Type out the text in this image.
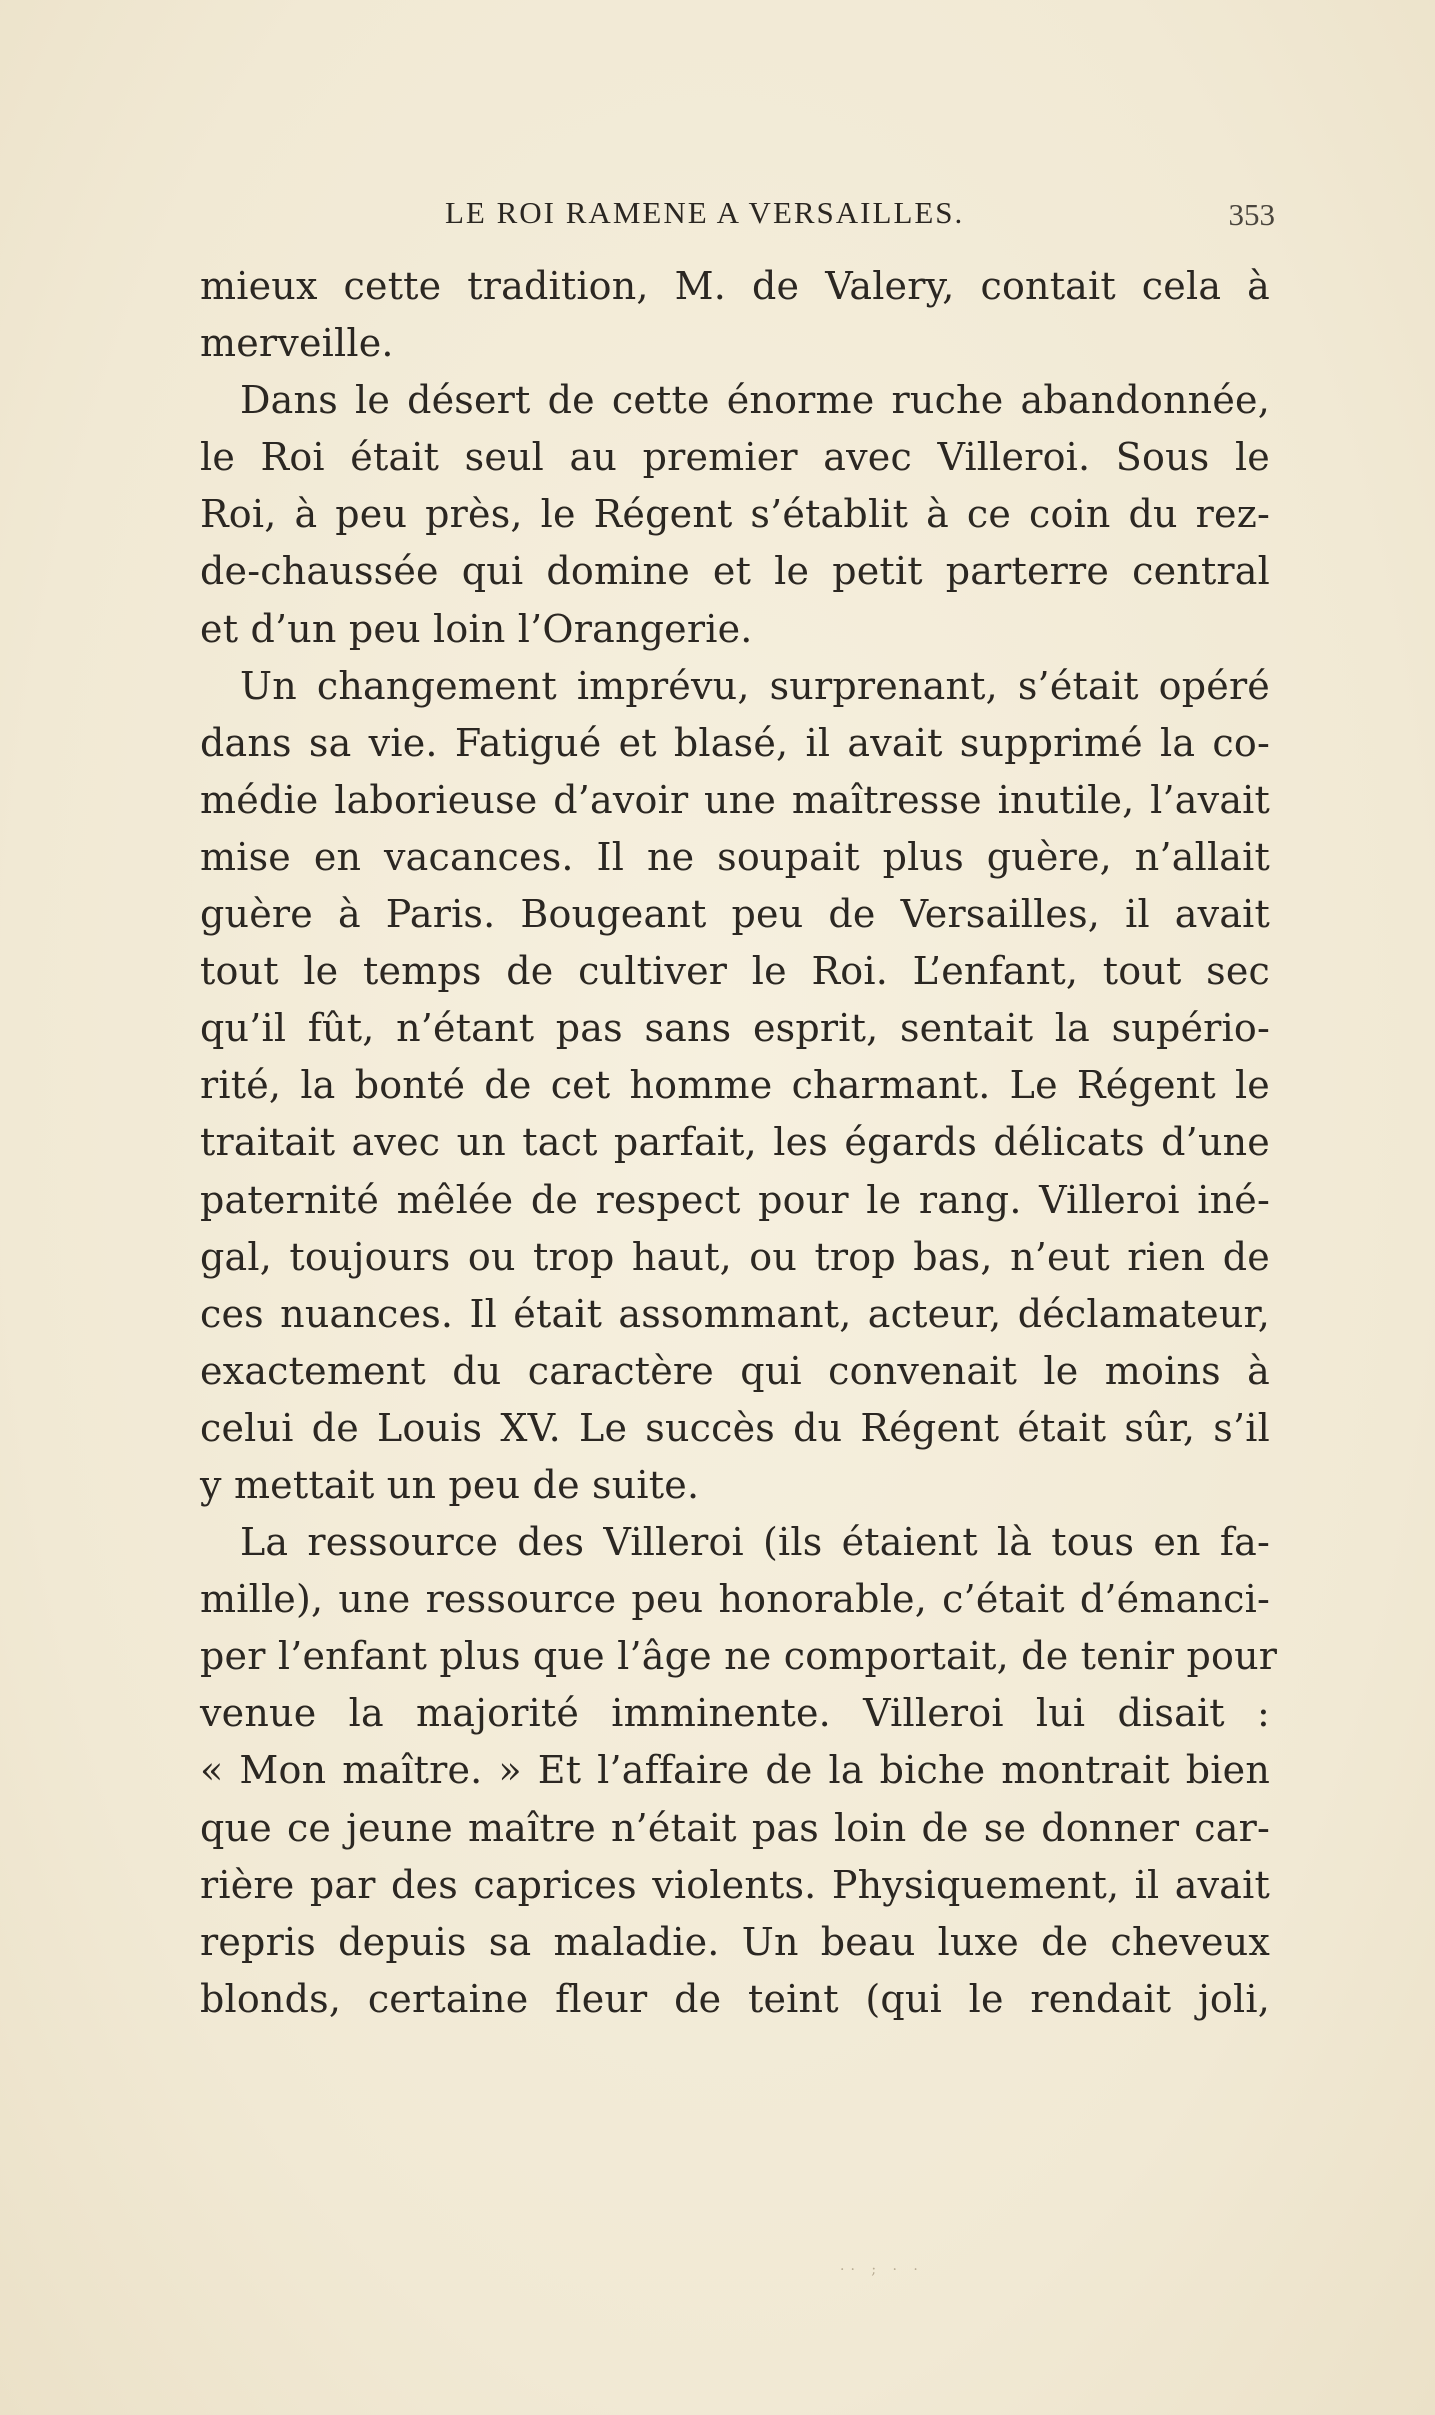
LE ROI RAMENE A VERSAILLES.	353
mieux cette tradition, M. de Valery, contait cela à
merveille.
Dans le désert de cette énorme ruche abandonnée,
le Roi était seul au premier avec Villeroi. Sous le
Roi, à peu près, le Régent s’établit à ce coin du rez-
de-chaussée qui domine et le petit parterre central
et d’un peu loin l’Orangerie.
Un changement imprévu, surprenant, s’était opéré
dans sa vie. Fatigué et blasé, il avait supprimé la co-
médie laborieuse d’avoir une maîtresse inutile, l’avait
mise en vacances. Il ne soupait plus guère, n’allait
guère à Paris. Bougeant peu de Versailles, il avait
tout le temps de cultiver le Roi. L’enfant, tout sec
qu’il fût, n’étant pas sans esprit, sentait la supério-
rité, la bonté de cet homme charmant. Le Régent le
traitait avec un tact parfait, les égards délicats d’une
paternité mêlée de respect pour le rang. Villeroi iné-
gal, toujours ou trop haut, ou trop bas, n’eut rien de
ces nuances. Il était assommant, acteur, déclamateur,
exactement du caractère qui convenait le moins à
celui de Louis XV. Le succès du Régent était sûr, s’il
y mettait un peu de suite.
La ressource des Villeroi (ils étaient là tous en fa-
mille), une ressource peu honorable, c’était d’émanci-
per l’enfant plus que l’âge ne comportait, de tenir pour
venue la majorité imminente. Villeroi lui disait :
« Mon maître. » Et l’affaire de la biche montrait bien
que ce jeune maître n’était pas loin de se donner car-
rière par des caprices violents. Physiquement, il avait
repris depuis sa maladie. Un beau luxe de cheveux
blonds, certaine fleur de teint (qui le rendait joli,
·· ; · ·
